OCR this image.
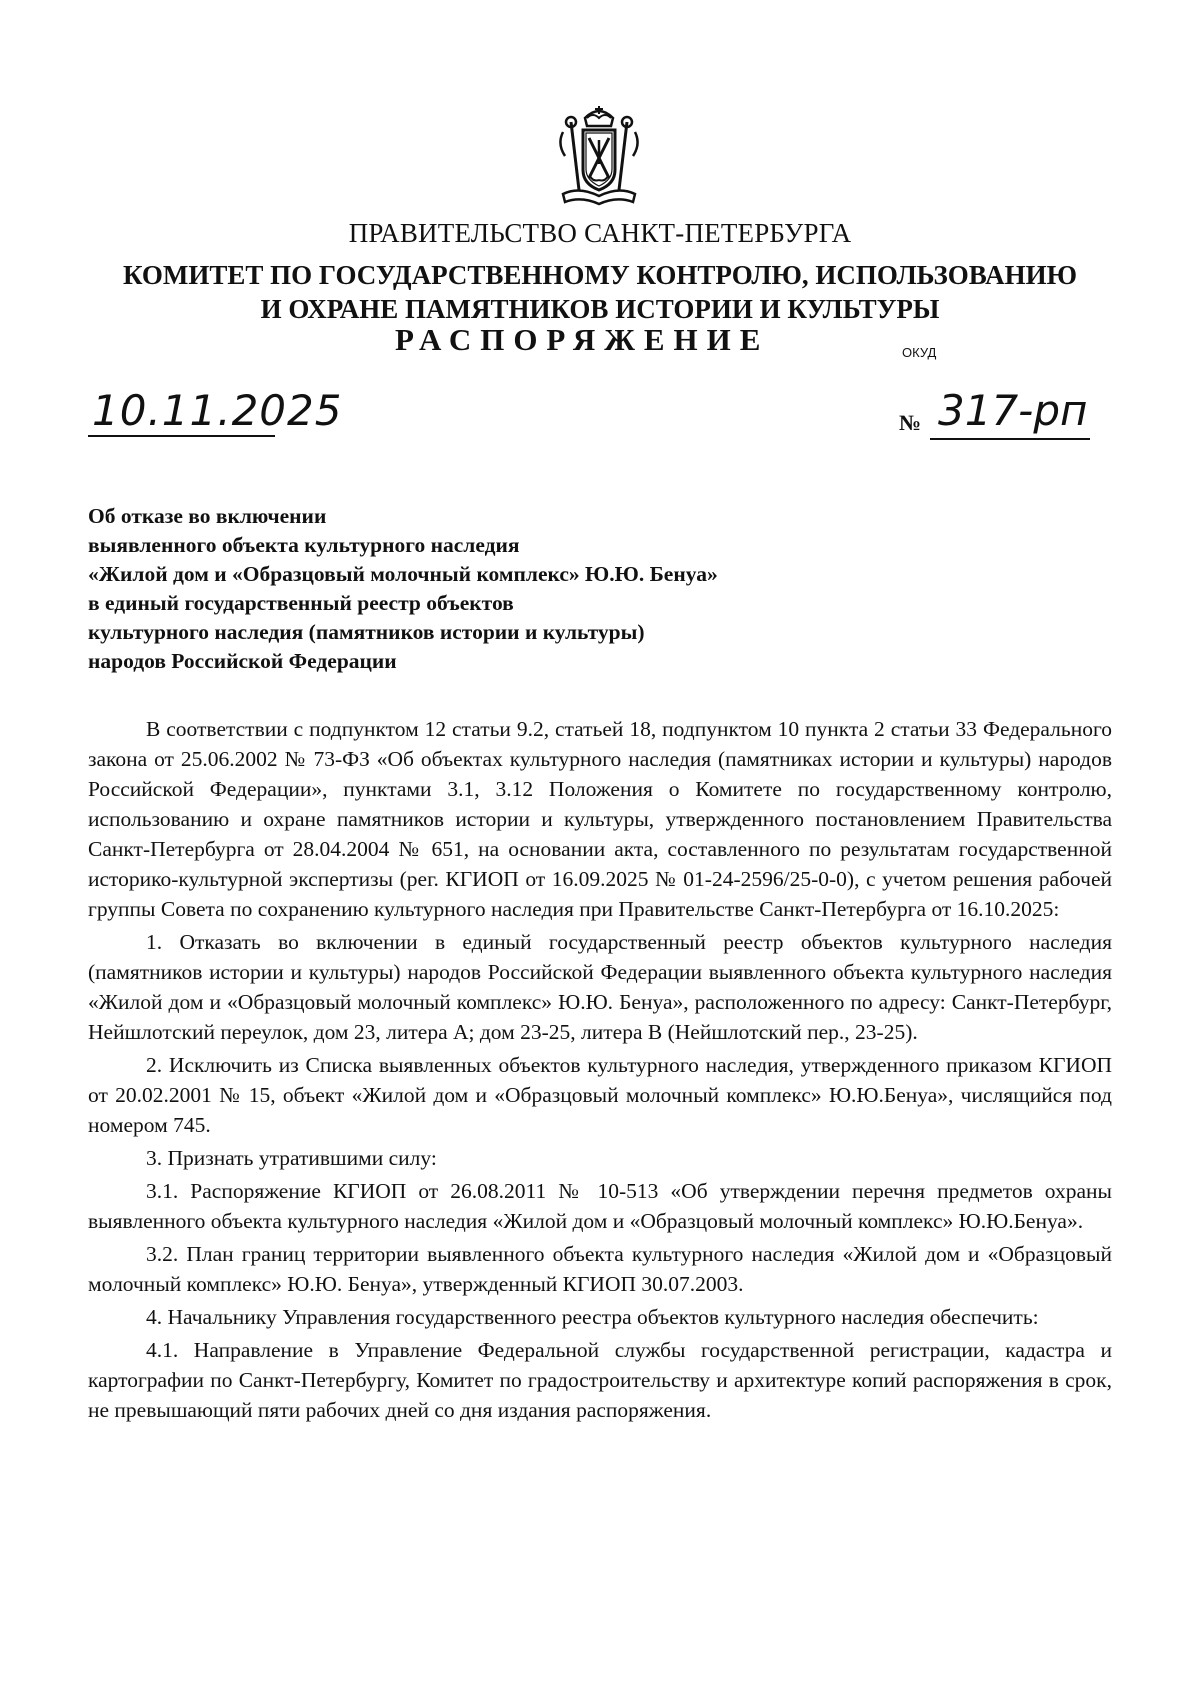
ПРАВИТЕЛЬСТВО САНКТ-ПЕТЕРБУРГА
КОМИТЕТ ПО ГОСУДАРСТВЕННОМУ КОНТРОЛЮ, ИСПОЛЬЗОВАНИЮ
И ОХРАНЕ ПАМЯТНИКОВ ИСТОРИИ И КУЛЬТУРЫ
РАСПОРЯЖЕНИЕ	ОКУД
10.11.2025	№ 317-рп
Об отказе во включении
выявленного объекта культурного наследия
«Жилой дом и «Образцовый молочный комплекс» Ю.Ю. Бенуа»
в единый государственный реестр объектов
культурного наследия (памятников истории и культуры)
народов Российской Федерации

В соответствии с подпунктом 12 статьи 9.2, статьей 18, подпунктом 10 пункта 2 статьи 33 Федерального закона от 25.06.2002 № 73-ФЗ «Об объектах культурного наследия (памятниках истории и культуры) народов Российской Федерации», пунктами 3.1, 3.12 Положения о Комитете по государственному контролю, использованию и охране памятников истории и культуры, утвержденного постановлением Правительства Санкт-Петербурга от 28.04.2004 № 651, на основании акта, составленного по результатам государственной историко-культурной экспертизы (рег. КГИОП от 16.09.2025 № 01-24-2596/25-0-0), с учетом решения рабочей группы Совета по сохранению культурного наследия при Правительстве Санкт-Петербурга от 16.10.2025:

1. Отказать во включении в единый государственный реестр объектов культурного наследия (памятников истории и культуры) народов Российской Федерации выявленного объекта культурного наследия «Жилой дом и «Образцовый молочный комплекс» Ю.Ю. Бенуа», расположенного по адресу: Санкт-Петербург, Нейшлотский переулок, дом 23, литера А; дом 23-25, литера В (Нейшлотский пер., 23-25).

2. Исключить из Списка выявленных объектов культурного наследия, утвержденного приказом КГИОП от 20.02.2001 № 15, объект «Жилой дом и «Образцовый молочный комплекс» Ю.Ю.Бенуа», числящийся под номером 745.

3. Признать утратившими силу:

3.1. Распоряжение КГИОП от 26.08.2011 № 10-513 «Об утверждении перечня предметов охраны выявленного объекта культурного наследия «Жилой дом и «Образцовый молочный комплекс» Ю.Ю.Бенуа».

3.2. План границ территории выявленного объекта культурного наследия «Жилой дом и «Образцовый молочный комплекс» Ю.Ю. Бенуа», утвержденный КГИОП 30.07.2003.

4. Начальнику Управления государственного реестра объектов культурного наследия обеспечить:

4.1. Направление в Управление Федеральной службы государственной регистрации, кадастра и картографии по Санкт-Петербургу, Комитет по градостроительству и архитектуре копий распоряжения в срок, не превышающий пяти рабочих дней со дня издания распоряжения.
